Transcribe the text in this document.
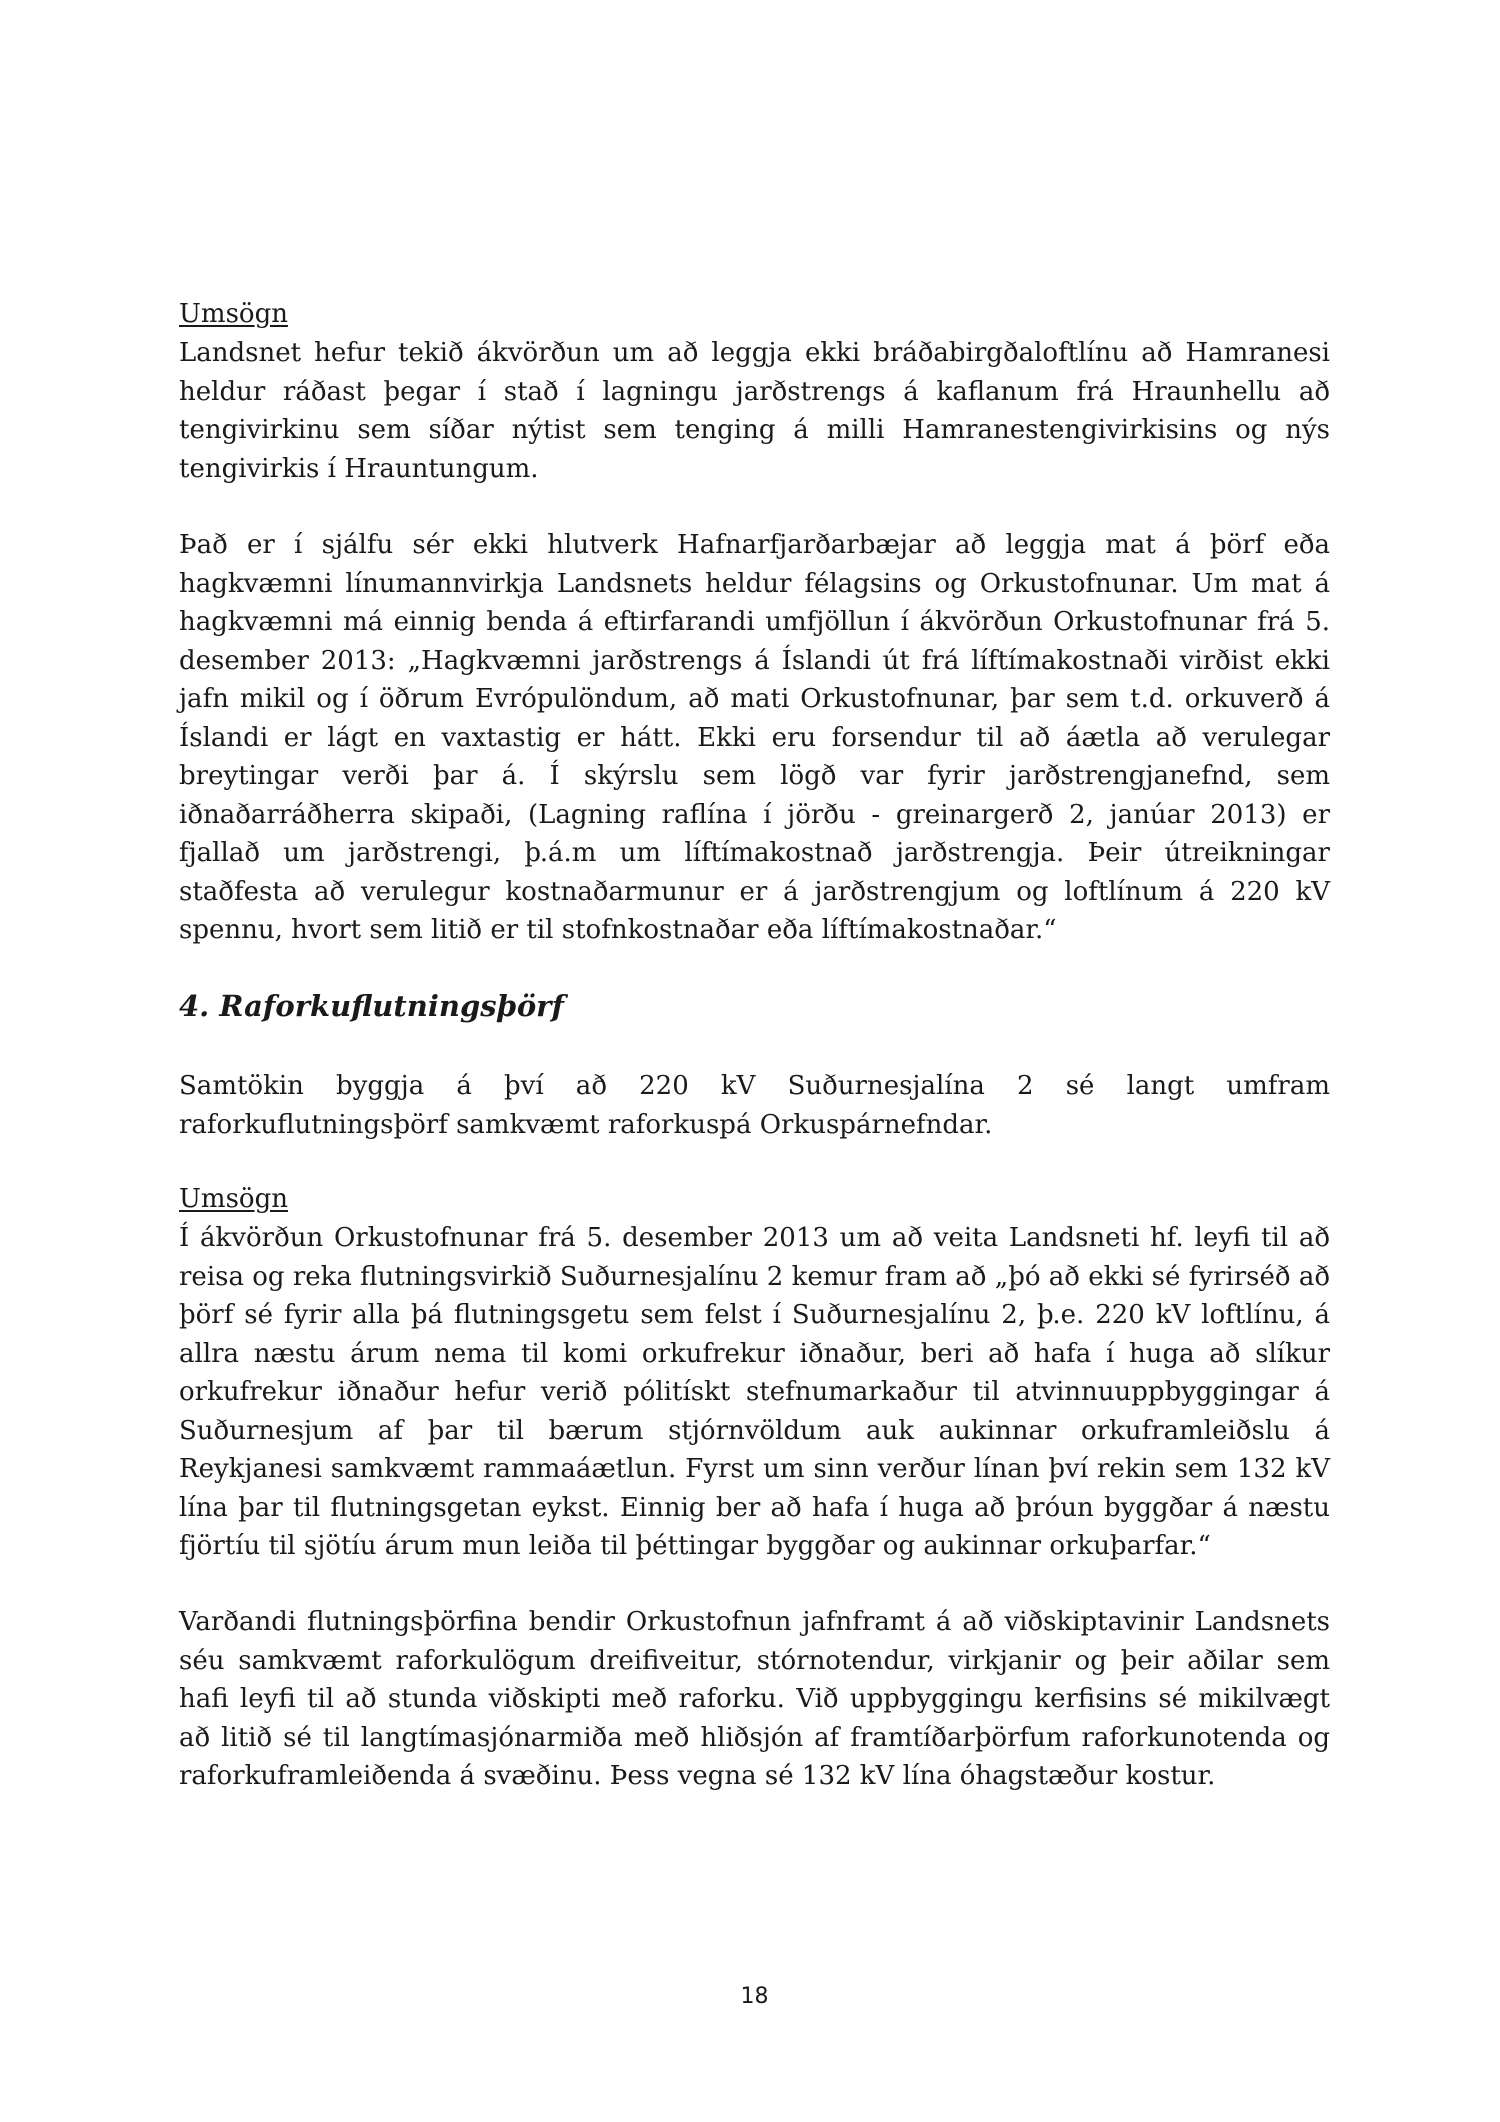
Umsögn

Landsnet hefur tekið ákvörðun um að leggja ekki bráðabirgðaloftlínu að Hamranesi heldur ráðast þegar í stað í lagningu jarðstrengs á kaflanum frá Hraunhellu að tengivirkinu sem síðar nýtist sem tenging á milli Hamranestengivirkisins og nýs tengivirkis í Hrauntungum.

Það er í sjálfu sér ekki hlutverk Hafnarfjarðarbæjar að leggja mat á þörf eða hagkvæmni línumannvirkja Landsnets heldur félagsins og Orkustofnunar. Um mat á hagkvæmni má einnig benda á eftirfarandi umfjöllun í ákvörðun Orkustofnunar frá 5. desember 2013: „Hagkvæmni jarðstrengs á Íslandi út frá líftímakostnaði virðist ekki jafn mikil og í öðrum Evrópulöndum, að mati Orkustofnunar, þar sem t.d. orkuverð á Íslandi er lágt en vaxtastig er hátt. Ekki eru forsendur til að áætla að verulegar breytingar verði þar á. Í skýrslu sem lögð var fyrir jarðstrengjanefnd, sem iðnaðarráðherra skipaði, (Lagning raflína í jörðu - greinargerð 2, janúar 2013) er fjallað um jarðstrengi, þ.á.m um líftímakostnað jarðstrengja. Þeir útreikningar staðfesta að verulegur kostnaðarmunur er á jarðstrengjum og loftlínum á 220 kV spennu, hvort sem litið er til stofnkostnaðar eða líftímakostnaðar.“

4. Raforkuflutningsþörf

Samtökin byggja á því að 220 kV Suðurnesjalína 2 sé langt umfram raforkuflutningsþörf samkvæmt raforkuspá Orkuspárnefndar.

Umsögn

Í ákvörðun Orkustofnunar frá 5. desember 2013 um að veita Landsneti hf. leyfi til að reisa og reka flutningsvirkið Suðurnesjalínu 2 kemur fram að „þó að ekki sé fyrirséð að þörf sé fyrir alla þá flutningsgetu sem felst í Suðurnesjalínu 2, þ.e. 220 kV loftlínu, á allra næstu árum nema til komi orkufrekur iðnaður, beri að hafa í huga að slíkur orkufrekur iðnaður hefur verið pólitískt stefnumarkaður til atvinnuuppbyggingar á Suðurnesjum af þar til bærum stjórnvöldum auk aukinnar orkuframleiðslu á Reykjanesi samkvæmt rammaáætlun. Fyrst um sinn verður línan því rekin sem 132 kV lína þar til flutningsgetan eykst. Einnig ber að hafa í huga að þróun byggðar á næstu fjörtíu til sjötíu árum mun leiða til þéttingar byggðar og aukinnar orkuþarfar.“

Varðandi flutningsþörfina bendir Orkustofnun jafnframt á að viðskiptavinir Landsnets séu samkvæmt raforkulögum dreifiveitur, stórnotendur, virkjanir og þeir aðilar sem hafi leyfi til að stunda viðskipti með raforku. Við uppbyggingu kerfisins sé mikilvægt að litið sé til langtímasjónarmiða með hliðsjón af framtíðarþörfum raforkunotenda og raforkuframleiðenda á svæðinu. Þess vegna sé 132 kV lína óhagstæður kostur.

18
